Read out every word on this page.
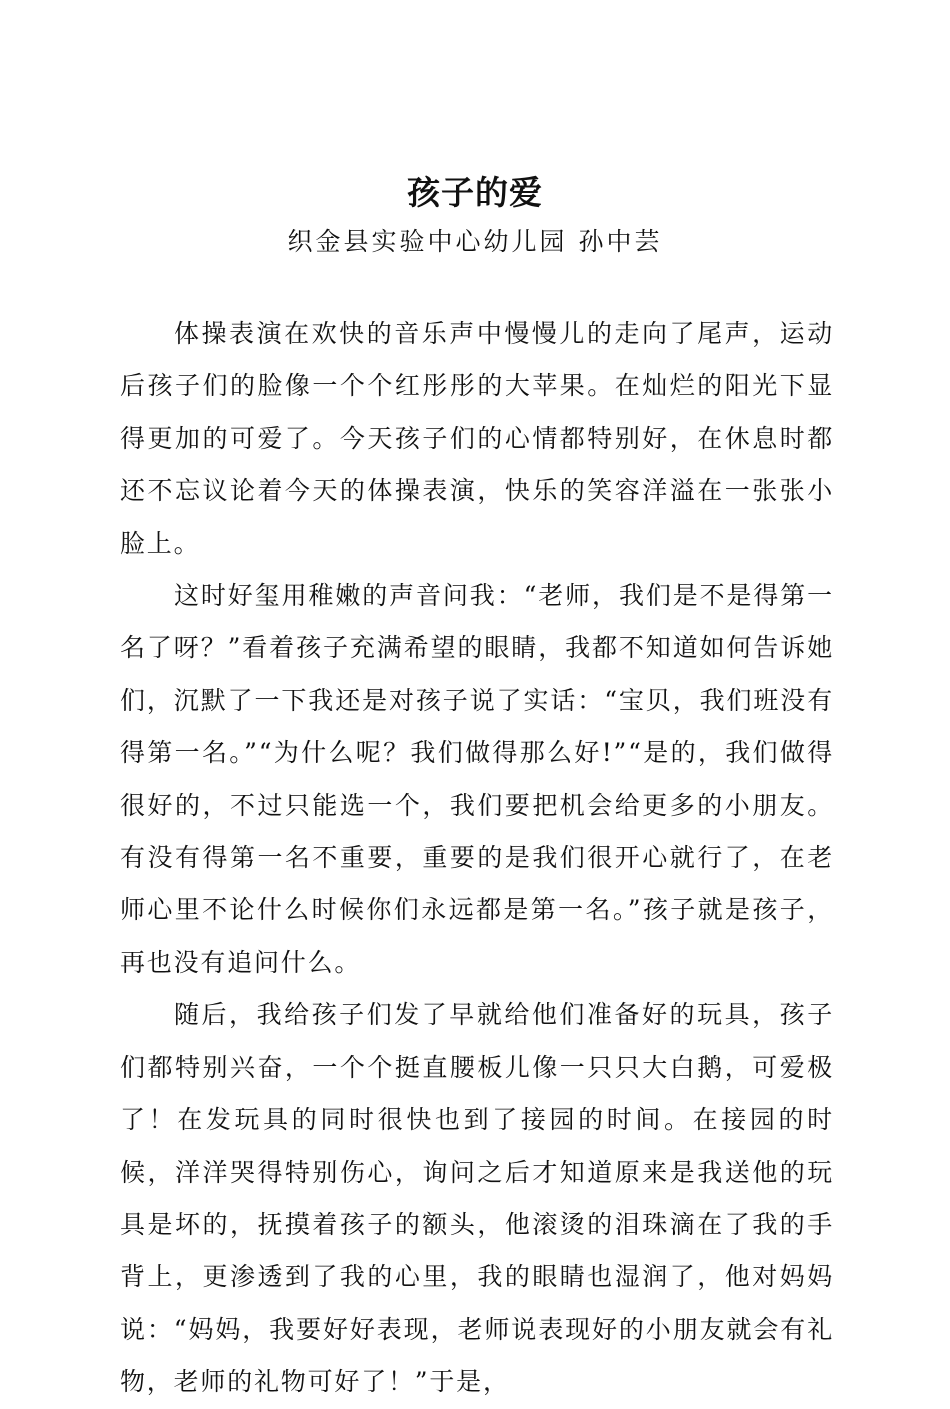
孩子的爱
织金县实验中心幼儿园 孙中芸

体操表演在欢快的音乐声中慢慢儿的走向了尾声，运动后孩子们的脸像一个个红彤彤的大苹果。在灿烂的阳光下显得更加的可爱了。今天孩子们的心情都特别好，在休息时都还不忘议论着今天的体操表演，快乐的笑容洋溢在一张张小脸上。

这时好玺用稚嫩的声音问我：“老师，我们是不是得第一名了呀？”看着孩子充满希望的眼睛，我都不知道如何告诉她们，沉默了一下我还是对孩子说了实话：“宝贝，我们班没有得第一名。”“为什么呢？我们做得那么好!”“是的，我们做得很好的，不过只能选一个，我们要把机会给更多的小朋友。有没有得第一名不重要，重要的是我们很开心就行了，在老师心里不论什么时候你们永远都是第一名。”孩子就是孩子，再也没有追问什么。

随后，我给孩子们发了早就给他们准备好的玩具，孩子们都特别兴奋，一个个挺直腰板儿像一只只大白鹅，可爱极了！在发玩具的同时很快也到了接园的时间。在接园的时候，洋洋哭得特别伤心，询问之后才知道原来是我送他的玩具是坏的，抚摸着孩子的额头，他滚烫的泪珠滴在了我的手背上，更渗透到了我的心里，我的眼睛也湿润了，他对妈妈说：“妈妈，我要好好表现，老师说表现好的小朋友就会有礼物，老师的礼物可好了！”于是，
